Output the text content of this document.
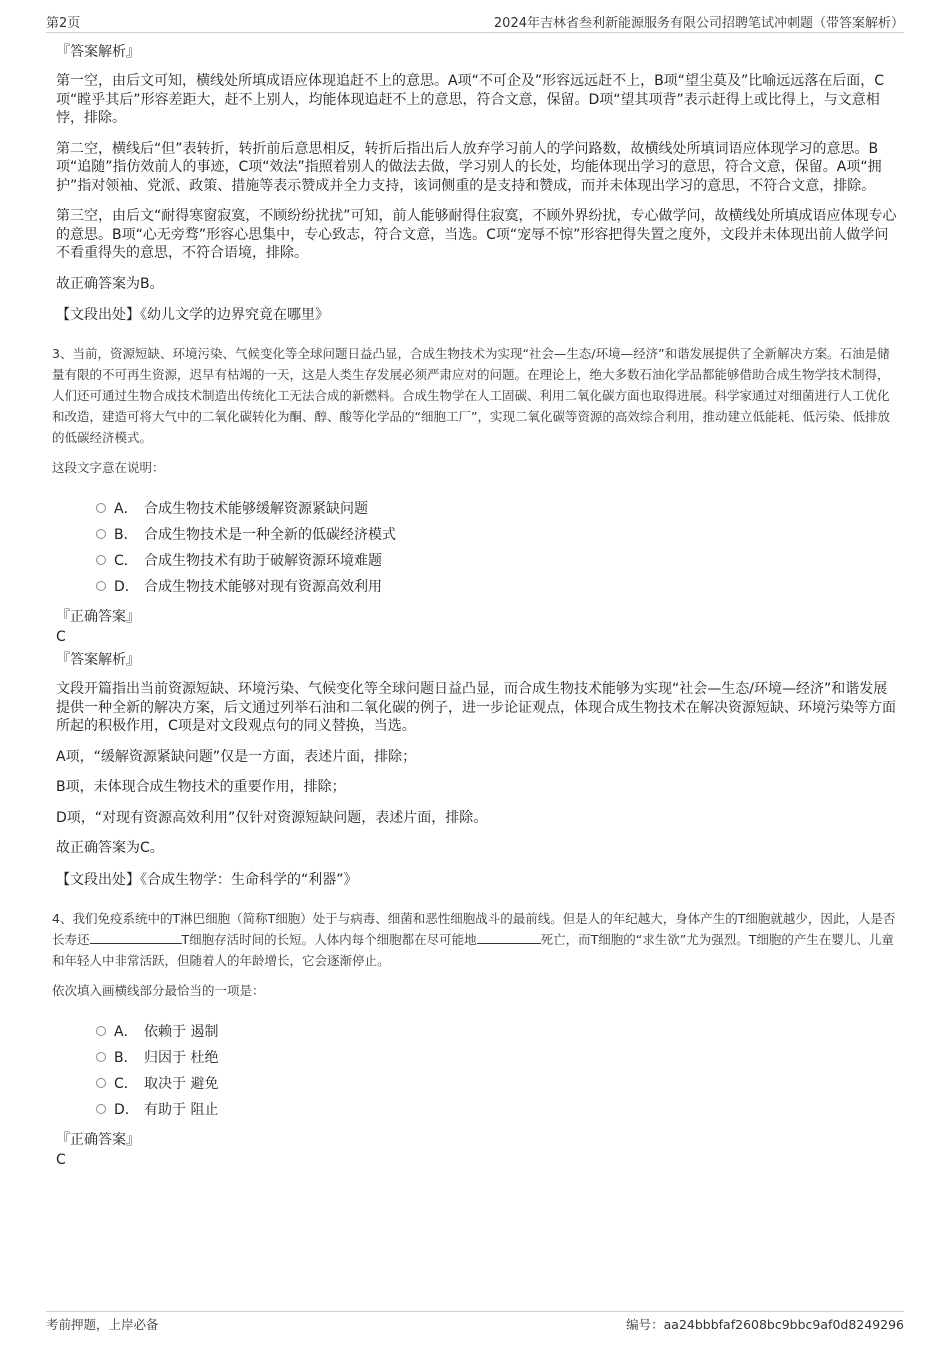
第2页	2024年吉林省叁利新能源服务有限公司招聘笔试冲刺题（带答案解析）
『答案解析』
第一空，由后文可知，横线处所填成语应体现追赶不上的意思。A项“不可企及”形容远远赶不上，B项“望尘莫及”比喻远远落在后面，C项“瞠乎其后”形容差距大，赶不上别人，均能体现追赶不上的意思，符合文意，保留。D项“望其项背”表示赶得上或比得上，与文意相悖，排除。
第二空，横线后“但”表转折，转折前后意思相反，转折后指出后人放弃学习前人的学问路数，故横线处所填词语应体现学习的意思。B项“追随”指仿效前人的事迹，C项“效法”指照着别人的做法去做，学习别人的长处，均能体现出学习的意思，符合文意，保留。A项“拥护”指对领袖、党派、政策、措施等表示赞成并全力支持，该词侧重的是支持和赞成，而并未体现出学习的意思，不符合文意，排除。
第三空，由后文“耐得寒窗寂寞，不顾纷纷扰扰”可知，前人能够耐得住寂寞，不顾外界纷扰，专心做学问，故横线处所填成语应体现专心的意思。B项“心无旁骛”形容心思集中，专心致志，符合文意，当选。C项“宠辱不惊”形容把得失置之度外，文段并未体现出前人做学问不看重得失的意思，不符合语境，排除。
故正确答案为B。
【文段出处】《幼儿文学的边界究竟在哪里》
3、当前，资源短缺、环境污染、气候变化等全球问题日益凸显，合成生物技术为实现“社会—生态/环境—经济”和谐发展提供了全新解决方案。石油是储量有限的不可再生资源，迟早有枯竭的一天，这是人类生存发展必须严肃应对的问题。在理论上，绝大多数石油化学品都能够借助合成生物学技术制得，人们还可通过生物合成技术制造出传统化工无法合成的新燃料。合成生物学在人工固碳、利用二氧化碳方面也取得进展。科学家通过对细菌进行人工优化和改造，建造可将大气中的二氧化碳转化为酮、醇、酸等化学品的“细胞工厂”，实现二氧化碳等资源的高效综合利用，推动建立低能耗、低污染、低排放的低碳经济模式。
这段文字意在说明：
A． 合成生物技术能够缓解资源紧缺问题
B． 合成生物技术是一种全新的低碳经济模式
C． 合成生物技术有助于破解资源环境难题
D． 合成生物技术能够对现有资源高效利用
『正确答案』
C
『答案解析』
文段开篇指出当前资源短缺、环境污染、气候变化等全球问题日益凸显，而合成生物技术能够为实现“社会—生态/环境—经济”和谐发展提供一种全新的解决方案，后文通过列举石油和二氧化碳的例子，进一步论证观点，体现合成生物技术在解决资源短缺、环境污染等方面所起的积极作用，C项是对文段观点句的同义替换，当选。
A项，“缓解资源紧缺问题”仅是一方面，表述片面，排除；
B项，未体现合成生物技术的重要作用，排除；
D项，“对现有资源高效利用”仅针对资源短缺问题，表述片面，排除。
故正确答案为C。
【文段出处】《合成生物学：生命科学的“利器”》
4、我们免疫系统中的T淋巴细胞（简称T细胞）处于与病毒、细菌和恶性细胞战斗的最前线。但是人的年纪越大，身体产生的T细胞就越少，因此，人是否长寿还	T细胞存活时间的长短。人体内每个细胞都在尽可能地	死亡，而T细胞的“求生欲”尤为强烈。T细胞的产生在婴儿、儿童和年轻人中非常活跃，但随着人的年龄增长，它会逐渐停止。
依次填入画横线部分最恰当的一项是：
A． 依赖于 遏制
B． 归因于 杜绝
C． 取决于 避免
D． 有助于 阻止
『正确答案』
C
考前押题，上岸必备	编号：aa24bbbfaf2608bc9bbc9af0d8249296
